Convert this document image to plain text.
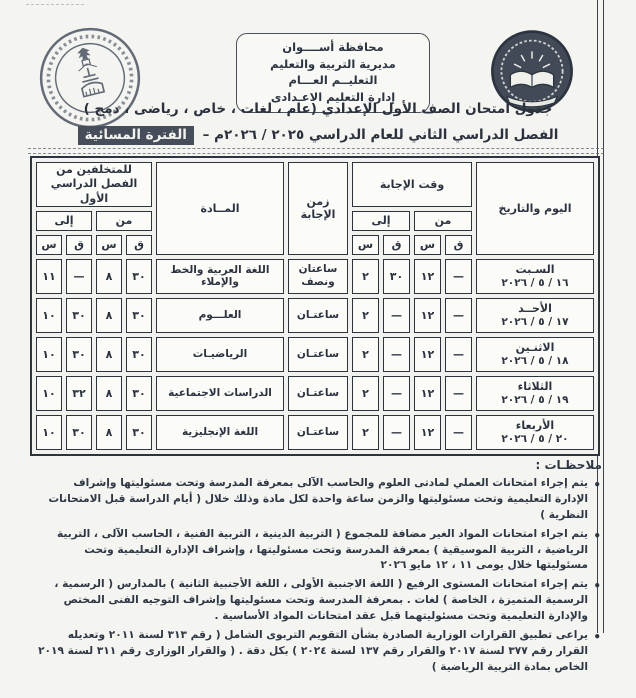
محافظة أســــوان
مديرية التربية والتعليم
التعليــم العـــام
إدارة التعليم الاعـدادى
جدول امتحان الصف الأول الإعدادي (عام ، لغات ، خاص ، رياضى ، دمج )
الفصل الدراسي الثاني للعام الدراسي ٢٠٢٥ / ٢٠٢٦م – الفترة المسائية
اليوم والتاريخ	وقت الإجابة				زمن الإجابة	المــادة	للمتخلفين من الفصل الدراسي الأول			
	من		إلى				من		إلى	
	ق	س	ق	س			ق	س	ق	س

السـبت
١٦ / ٥ / ٢٠٢٦	—	١٢	٣٠	٢	ساعتان ونصف	اللغة العربية والخط والإملاء	٣٠	٨	—	١١

الأحــد
١٧ / ٥ / ٢٠٢٦	—	١٢	—	٢	ساعتـان	العلـــوم	٣٠	٨	٣٠	١٠

الاثنـين
١٨ / ٥ / ٢٠٢٦	—	١٢	—	٢	ساعتـان	الرياضيـات	٣٠	٨	٣٠	١٠

الثلاثاء
١٩ / ٥ / ٢٠٢٦	—	١٢	—	٢	ساعتـان	الدراسات الاجتماعية	٣٠	٨	٣٢	١٠

الأربعاء
٢٠ / ٥ / ٢٠٢٦	—	١٢	—	٢	ساعتـان	اللغة الإنجليزية	٣٠	٨	٣٠	١٠
ملاحظـات :
• يتم إجراء امتحانات العملي لمادتى العلوم والحاسب الآلى بمعرفة المدرسة وتحت مسئوليتها وإشراف الإدارة التعليمية وتحت مسئوليتها والزمن ساعة واحدة لكل مادة وذلك خلال ( أيام الدراسة قبل الامتحانات النظرية )
• يتم اجراء امتحانات المواد الغير مضافة للمجموع ( التربية الدينية ، التربية الفنية ، الحاسب الآلى ، التربية الرياضية ، التربية الموسيقية ) بمعرفة المدرسة وتحت مسئوليتها ، وإشراف الإدارة التعليمية وتحت مسئوليتها خلال يومى ١١ ، ١٢ مايو ٢٠٢٦
• يتم إجراء امتحانات المستوى الرفيع ( اللغة الاجنبية الأولى ، اللغة الأجنبية الثانية ) بالمدارس ( الرسمية ، الرسمية المتميزة ، الخاصة ) لغات . بمعرفة المدرسة وتحت مسئوليتها وإشراف التوجيه الفنى المختص والإدارة التعليمية وتحت مسئوليتهما قبل عقد امتحانات المواد الأساسية .
• يراعى تطبيق القرارات الوزارية الصادرة بشأن التقويم التربوى الشامل ( رقم ٣١٣ لسنة ٢٠١١ وتعديله القرار رقم ٣٧٧ لسنة ٢٠١٧ والقرار رقم ١٣٧ لسنة ٢٠٢٤ ) بكل دقة . ( والقرار الوزارى رقم ٣١١ لسنة ٢٠١٩ الخاص بمادة التربية الرياضية )
